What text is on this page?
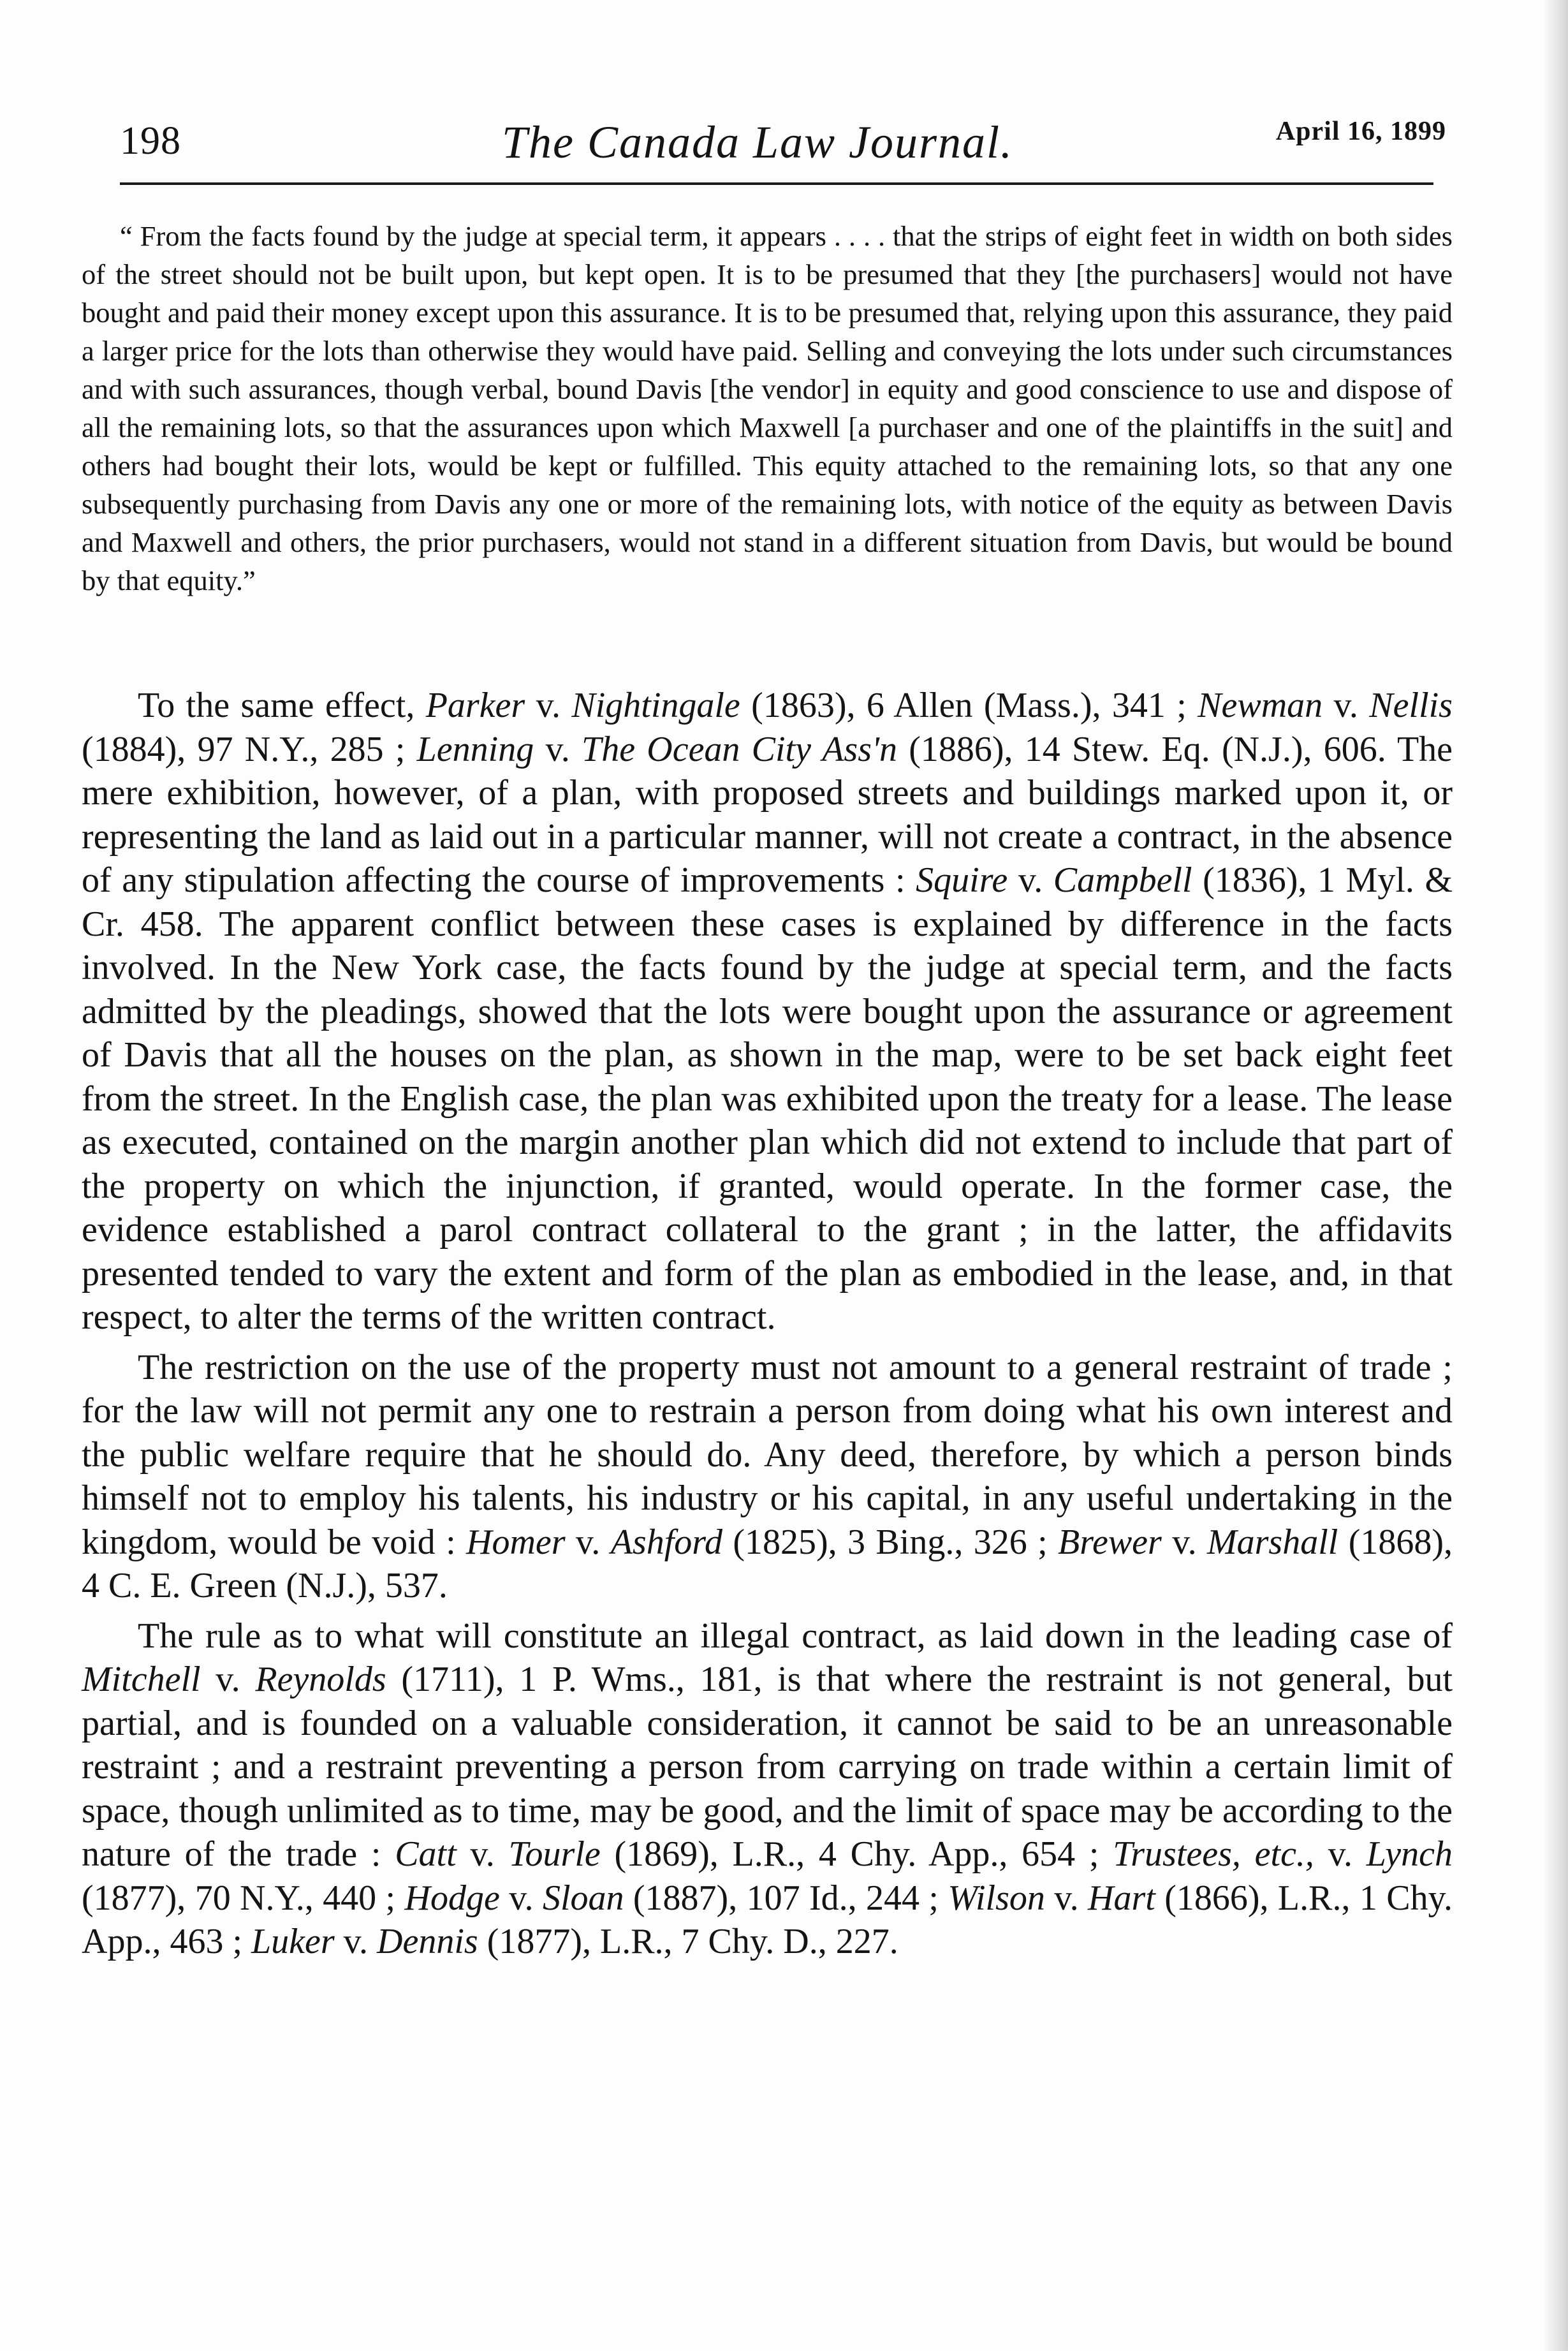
198	The Canada Law Journal.	April 16, 1899

“ From the facts found by the judge at special term, it appears . . . . that the strips of eight feet in width on both sides of the street should not be built upon, but kept open. It is to be presumed that they [the purchasers] would not have bought and paid their money except upon this assurance. It is to be presumed that, relying upon this assurance, they paid a larger price for the lots than otherwise they would have paid. Selling and conveying the lots under such circumstances and with such assurances, though verbal, bound Davis [the vendor] in equity and good conscience to use and dispose of all the remaining lots, so that the assurances upon which Maxwell [a purchaser and one of the plaintiffs in the suit] and others had bought their lots, would be kept or fulfilled. This equity attached to the remaining lots, so that any one subsequently purchasing from Davis any one or more of the remaining lots, with notice of the equity as between Davis and Maxwell and others, the prior purchasers, would not stand in a different situation from Davis, but would be bound by that equity.”

To the same effect, Parker v. Nightingale (1863), 6 Allen (Mass.), 341 ; Newman v. Nellis (1884), 97 N.Y., 285 ; Lenning v. The Ocean City Ass'n (1886), 14 Stew. Eq. (N.J.), 606. The mere exhibition, however, of a plan, with proposed streets and buildings marked upon it, or representing the land as laid out in a particular manner, will not create a contract, in the absence of any stipulation affecting the course of improvements : Squire v. Campbell (1836), 1 Myl. & Cr. 458. The apparent conflict between these cases is explained by difference in the facts involved. In the New York case, the facts found by the judge at special term, and the facts admitted by the pleadings, showed that the lots were bought upon the assurance or agreement of Davis that all the houses on the plan, as shown in the map, were to be set back eight feet from the street. In the English case, the plan was exhibited upon the treaty for a lease. The lease as executed, contained on the margin another plan which did not extend to include that part of the property on which the injunction, if granted, would operate. In the former case, the evidence established a parol contract collateral to the grant ; in the latter, the affidavits presented tended to vary the extent and form of the plan as embodied in the lease, and, in that respect, to alter the terms of the written contract.

The restriction on the use of the property must not amount to a general restraint of trade ; for the law will not permit any one to restrain a person from doing what his own interest and the public welfare require that he should do. Any deed, therefore, by which a person binds himself not to employ his talents, his industry or his capital, in any useful undertaking in the kingdom, would be void : Homer v. Ashford (1825), 3 Bing., 326 ; Brewer v. Marshall (1868), 4 C. E. Green (N.J.), 537.

The rule as to what will constitute an illegal contract, as laid down in the leading case of Mitchell v. Reynolds (1711), 1 P. Wms., 181, is that where the restraint is not general, but partial, and is founded on a valuable consideration, it cannot be said to be an unreasonable restraint ; and a restraint preventing a person from carrying on trade within a certain limit of space, though unlimited as to time, may be good, and the limit of space may be according to the nature of the trade : Catt v. Tourle (1869), L.R., 4 Chy. App., 654 ; Trustees, etc., v. Lynch (1877), 70 N.Y., 440 ; Hodge v. Sloan (1887), 107 Id., 244 ; Wilson v. Hart (1866), L.R., 1 Chy. App., 463 ; Luker v. Dennis (1877), L.R., 7 Chy. D., 227.
